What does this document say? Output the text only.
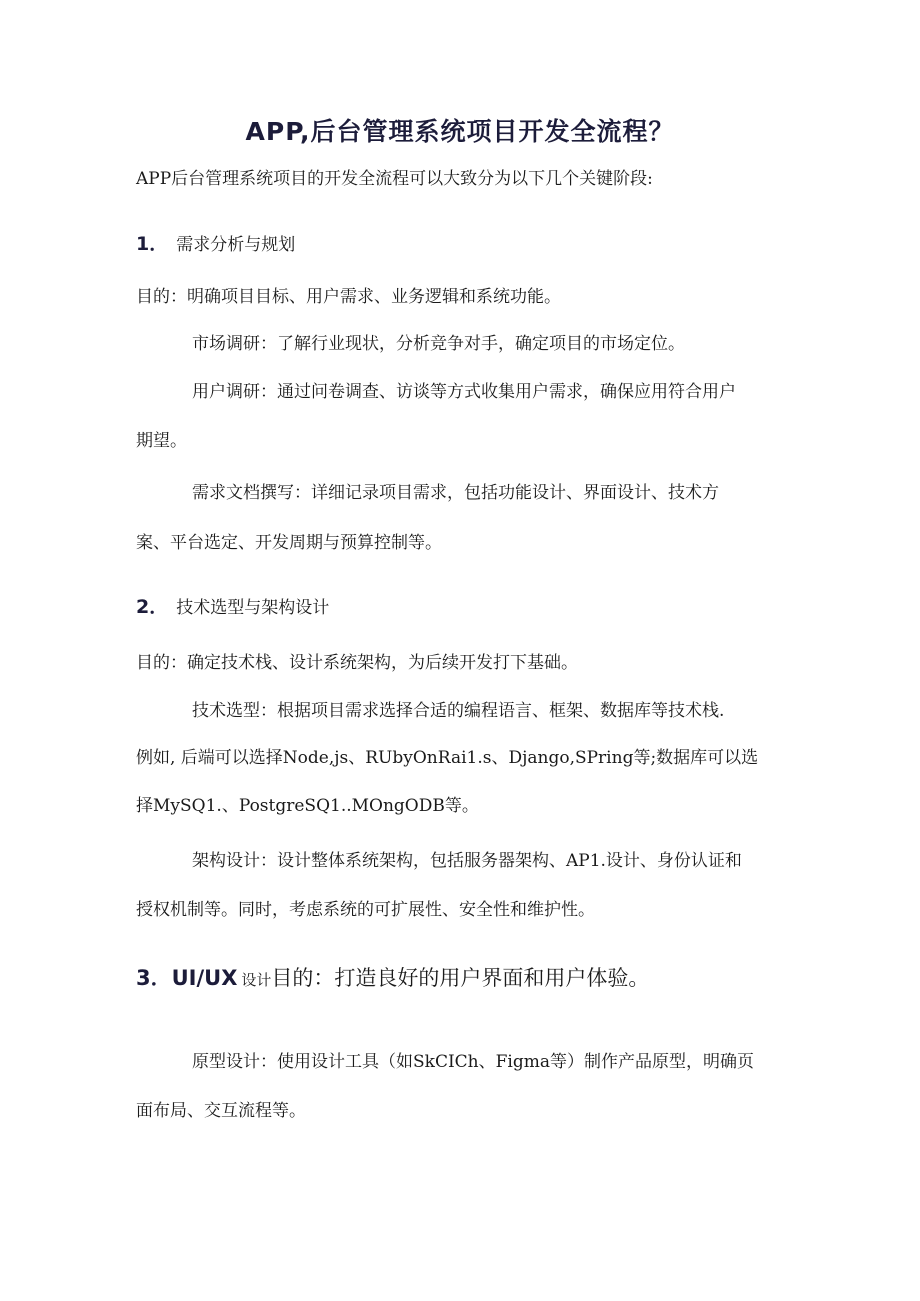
APP,后台管理系统项目开发全流程？
APP后台管理系统项目的开发全流程可以大致分为以下几个关键阶段:
1． 需求分析与规划
目的：明确项目目标、用户需求、业务逻辑和系统功能。
市场调研：了解行业现状，分析竞争对手，确定项目的市场定位。
用户调研：通过问卷调查、访谈等方式收集用户需求，确保应用符合用户
期望。
需求文档撰写：详细记录项目需求，包括功能设计、界面设计、技术方
案、平台选定、开发周期与预算控制等。
2． 技术选型与架构设计
目的：确定技术栈、设计系统架构，为后续开发打下基础。
技术选型：根据项目需求选择合适的编程语言、框架、数据库等技术栈.
例如, 后端可以选择Node,js、RUbyOnRai1.s、Django,SPring等;数据库可以选
择MySQ1.、PostgreSQ1..MOngODB等。
架构设计：设计整体系统架构，包括服务器架构、AP1.设计、身份认证和
授权机制等。同时，考虑系统的可扩展性、安全性和维护性。
3．UI/UX 设计目的：打造良好的用户界面和用户体验。
原型设计：使用设计工具（如SkCICh、Figma等）制作产品原型，明确页
面布局、交互流程等。
